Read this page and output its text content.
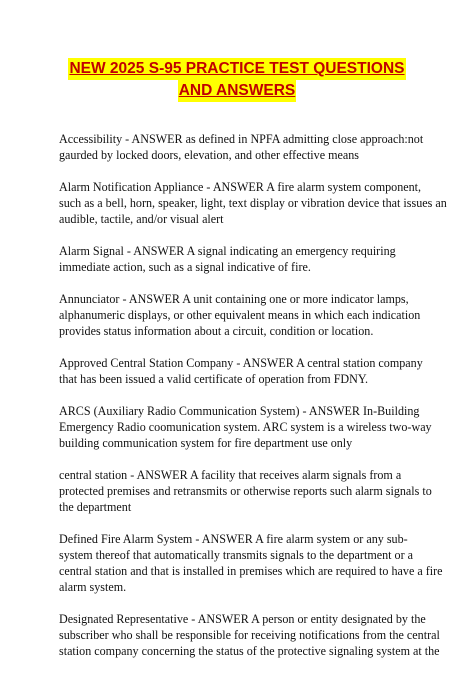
NEW 2025 S-95 PRACTICE TEST QUESTIONS
AND ANSWERS
Accessibility - ANSWER as defined in NPFA admitting close approach:not
gaurded by locked doors, elevation, and other effective means
Alarm Notification Appliance - ANSWER A fire alarm system component,
such as a bell, horn, speaker, light, text display or vibration device that issues an
audible, tactile, and/or visual alert
Alarm Signal - ANSWER A signal indicating an emergency requiring
immediate action, such as a signal indicative of fire.
Annunciator - ANSWER A unit containing one or more indicator lamps,
alphanumeric displays, or other equivalent means in which each indication
provides status information about a circuit, condition or location.
Approved Central Station Company - ANSWER A central station company
that has been issued a valid certificate of operation from FDNY.
ARCS (Auxiliary Radio Communication System) - ANSWER In-Building
Emergency Radio coomunication system. ARC system is a wireless two-way
building communication system for fire department use only
central station - ANSWER A facility that receives alarm signals from a
protected premises and retransmits or otherwise reports such alarm signals to
the department
Defined Fire Alarm System - ANSWER A fire alarm system or any sub-
system thereof that automatically transmits signals to the department or a
central station and that is installed in premises which are required to have a fire
alarm system.
Designated Representative - ANSWER A person or entity designated by the
subscriber who shall be responsible for receiving notifications from the central
station company concerning the status of the protective signaling system at the
